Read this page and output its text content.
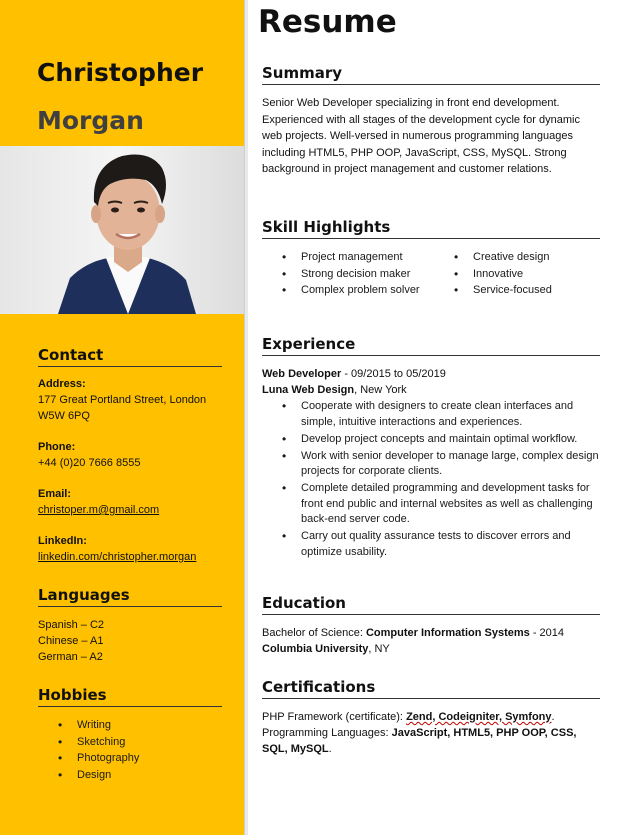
Christopher
Morgan
Contact
Address:
177 Great Portland Street, London
W5W 6PQ
Phone:
+44 (0)20 7666 8555
Email:
christoper.m@gmail.com
LinkedIn:
linkedin.com/christopher.morgan
Languages
Spanish – C2
Chinese – A1
German – A2
Hobbies
• Writing
• Sketching
• Photography
• Design
Resume
Summary
Senior Web Developer specializing in front end development. Experienced with all stages of the development cycle for dynamic web projects. Well-versed in numerous programming languages including HTML5, PHP OOP, JavaScript, CSS, MySQL. Strong background in project management and customer relations.
Skill Highlights
• Project management
• Strong decision maker
• Complex problem solver
• Creative design
• Innovative
• Service-focused
Experience
Web Developer - 09/2015 to 05/2019
Luna Web Design, New York
• Cooperate with designers to create clean interfaces and simple, intuitive interactions and experiences.
• Develop project concepts and maintain optimal workflow.
• Work with senior developer to manage large, complex design projects for corporate clients.
• Complete detailed programming and development tasks for front end public and internal websites as well as challenging back-end server code.
• Carry out quality assurance tests to discover errors and optimize usability.
Education
Bachelor of Science: Computer Information Systems - 2014
Columbia University, NY
Certifications
PHP Framework (certificate): Zend, Codeigniter, Symfony.
Programming Languages: JavaScript, HTML5, PHP OOP, CSS,
SQL, MySQL.
